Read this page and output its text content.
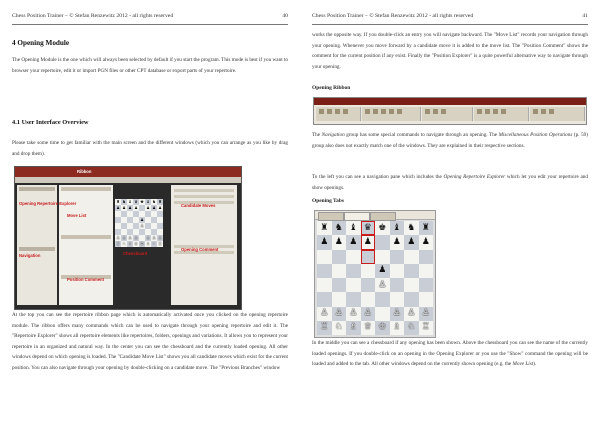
Chess Position Trainer – © Stefan Renzewitz 2012 - all rights reserved	40
4 Opening Module
The Opening Module is the one which will always been selected by default if you start the program. This mode is best if you want to browser your repertoire, edit it or import PGN files or other CPT database or export parts of your repertoire.
4.1 User Interface Overview
Please take some time to get familiar with the main screen and the different windows (which you can arrange as you like by drag and drop them).
♜ ♞ ♝ ♛ ♚ ♝ ♞ ♜
♟ ♟ ♟ ♟ ♟ ♟ ♟
♟
♙
♙ ♙ ♙ ♙ ♙ ♙ ♙
♖ ♘ ♗ ♕ ♔ ♗ ♘ ♖
Ribbon
Opening Repertoire Explorer
Navigation
Move List
Chessboard
Candidate Moves
Opening Comment
Position Comment
At the top you can see the repertoire ribbon page which is automatically activated once you clicked on the opening repertoire module. The ribbon offers many commands which can be used to navigate through your opening repertoire and edit it. The "Repertoire Explorer" shows all repertoire elements like repertoires, folders, openings and variations. It allows you to represent your repertoire in an organized and natural way. In the center you can see the chessboard and the currently loaded opening. All other windows depend on which opening is loaded. The "Candidate Move List" shows you all candidate moves which exist for the current position. You can also navigate through your opening by double-clicking on a candidate move. The "Previous Branches" window
Chess Position Trainer – © Stefan Renzewitz 2012 - all rights reserved	41
works the opposite way. If you double-click an entry you will navigate backward. The "Move List" records your navigation through your opening. Whenever you move forward by a candidate move it is added to the move list. The "Position Comment" shows the comment for the current position if any exist. Finally the "Position Explorer" is a quite powerful alternative way to navigate through your opening.
Opening Ribbon
The Navigation group has some special commands to navigate through an opening. The Miscellaneous Position Operations (p. 59) group also does not exactly match one of the windows. They are explained in their respective sections.
To the left you can see a navigation pane which includes the Opening Repertoire Explorer which let you edit your repertoire and show openings.
Opening Tabs
♜ ♞ ♝ ♛ ♚ ♝ ♞ ♜
♟ ♟ ♟ ♟ ♟ ♟ ♟
♟
♙
♙ ♙ ♙ ♙ ♙ ♙ ♙
♖ ♘ ♗ ♕ ♔ ♗ ♘ ♖
In the middle you can see a chessboard if any opening has been shown. Above the chessboard you can see the name of the currently loaded openings. If you double-click on an opening in the Opening Explorer or you use the "Show" command the opening will be loaded and added to the tab. All other windows depend on the currently shown opening (e.g. the Move List).
